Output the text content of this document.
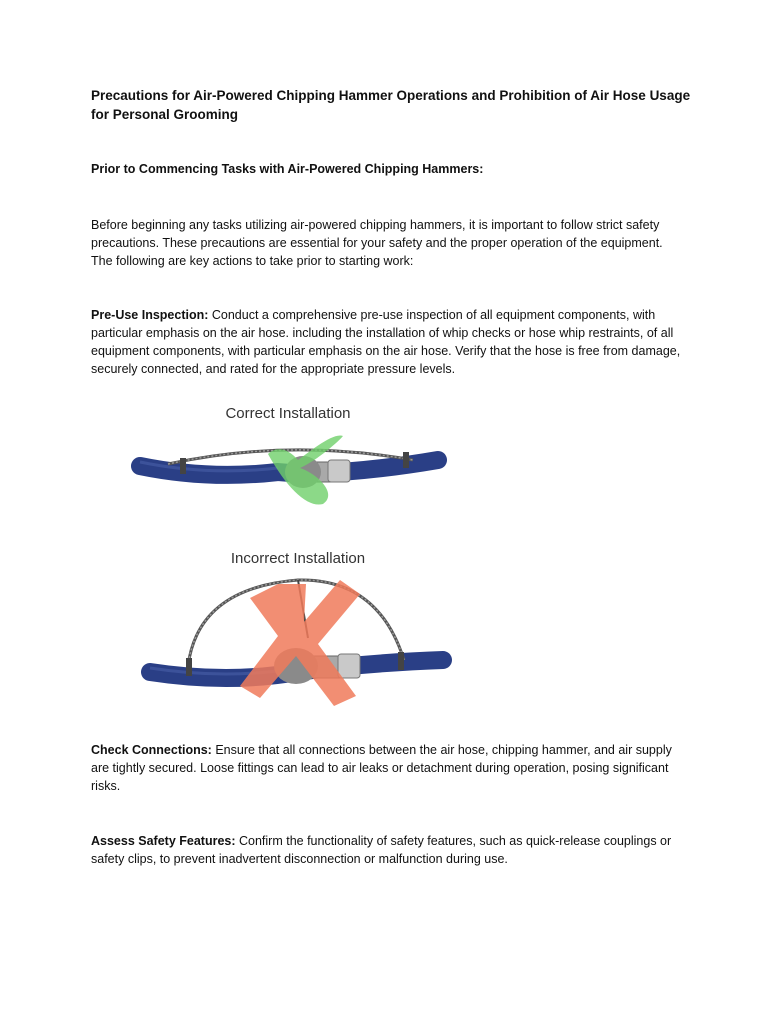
Precautions for Air-Powered Chipping Hammer Operations and Prohibition of Air Hose Usage for Personal Grooming
Prior to Commencing Tasks with Air-Powered Chipping Hammers:
Before beginning any tasks utilizing air-powered chipping hammers, it is important to follow strict safety precautions. These precautions are essential for your safety and the proper operation of the equipment. The following are key actions to take prior to starting work:
Pre-Use Inspection: Conduct a comprehensive pre-use inspection of all equipment components, with particular emphasis on the air hose. including the installation of whip checks or hose whip restraints, of all equipment components, with particular emphasis on the air hose. Verify that the hose is free from damage, securely connected, and rated for the appropriate pressure levels.
Correct Installation
Incorrect Installation
Check Connections: Ensure that all connections between the air hose, chipping hammer, and air supply are tightly secured. Loose fittings can lead to air leaks or detachment during operation, posing significant risks.
Assess Safety Features: Confirm the functionality of safety features, such as quick-release couplings or safety clips, to prevent inadvertent disconnection or malfunction during use.
